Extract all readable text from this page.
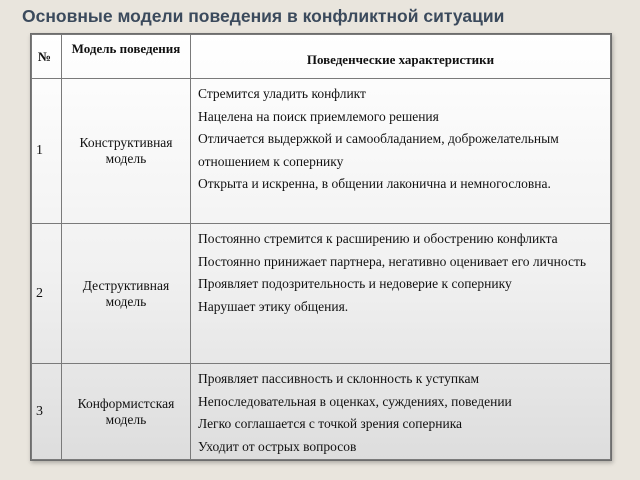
Основные модели поведения в конфликтной ситуации
№	Модель поведения	Поведенческие характеристики
1	Конструктивная модель	Стремится уладить конфликт
Нацелена на поиск приемлемого решения
Отличается выдержкой и самообладанием, доброжелательным отношением к сопернику
Открыта и искренна, в общении лаконична и немногословна.

2	Деструктивная модель	Постоянно стремится к расширению и обострению конфликта
Постоянно принижает партнера, негативно оценивает его личность
Проявляет подозрительность и недоверие к сопернику
Нарушает этику общения.

3	Конформистская модель	Проявляет пассивность и склонность к уступкам
Непоследовательная в оценках, суждениях, поведении
Легко соглашается с точкой зрения соперника
Уходит от острых вопросов
